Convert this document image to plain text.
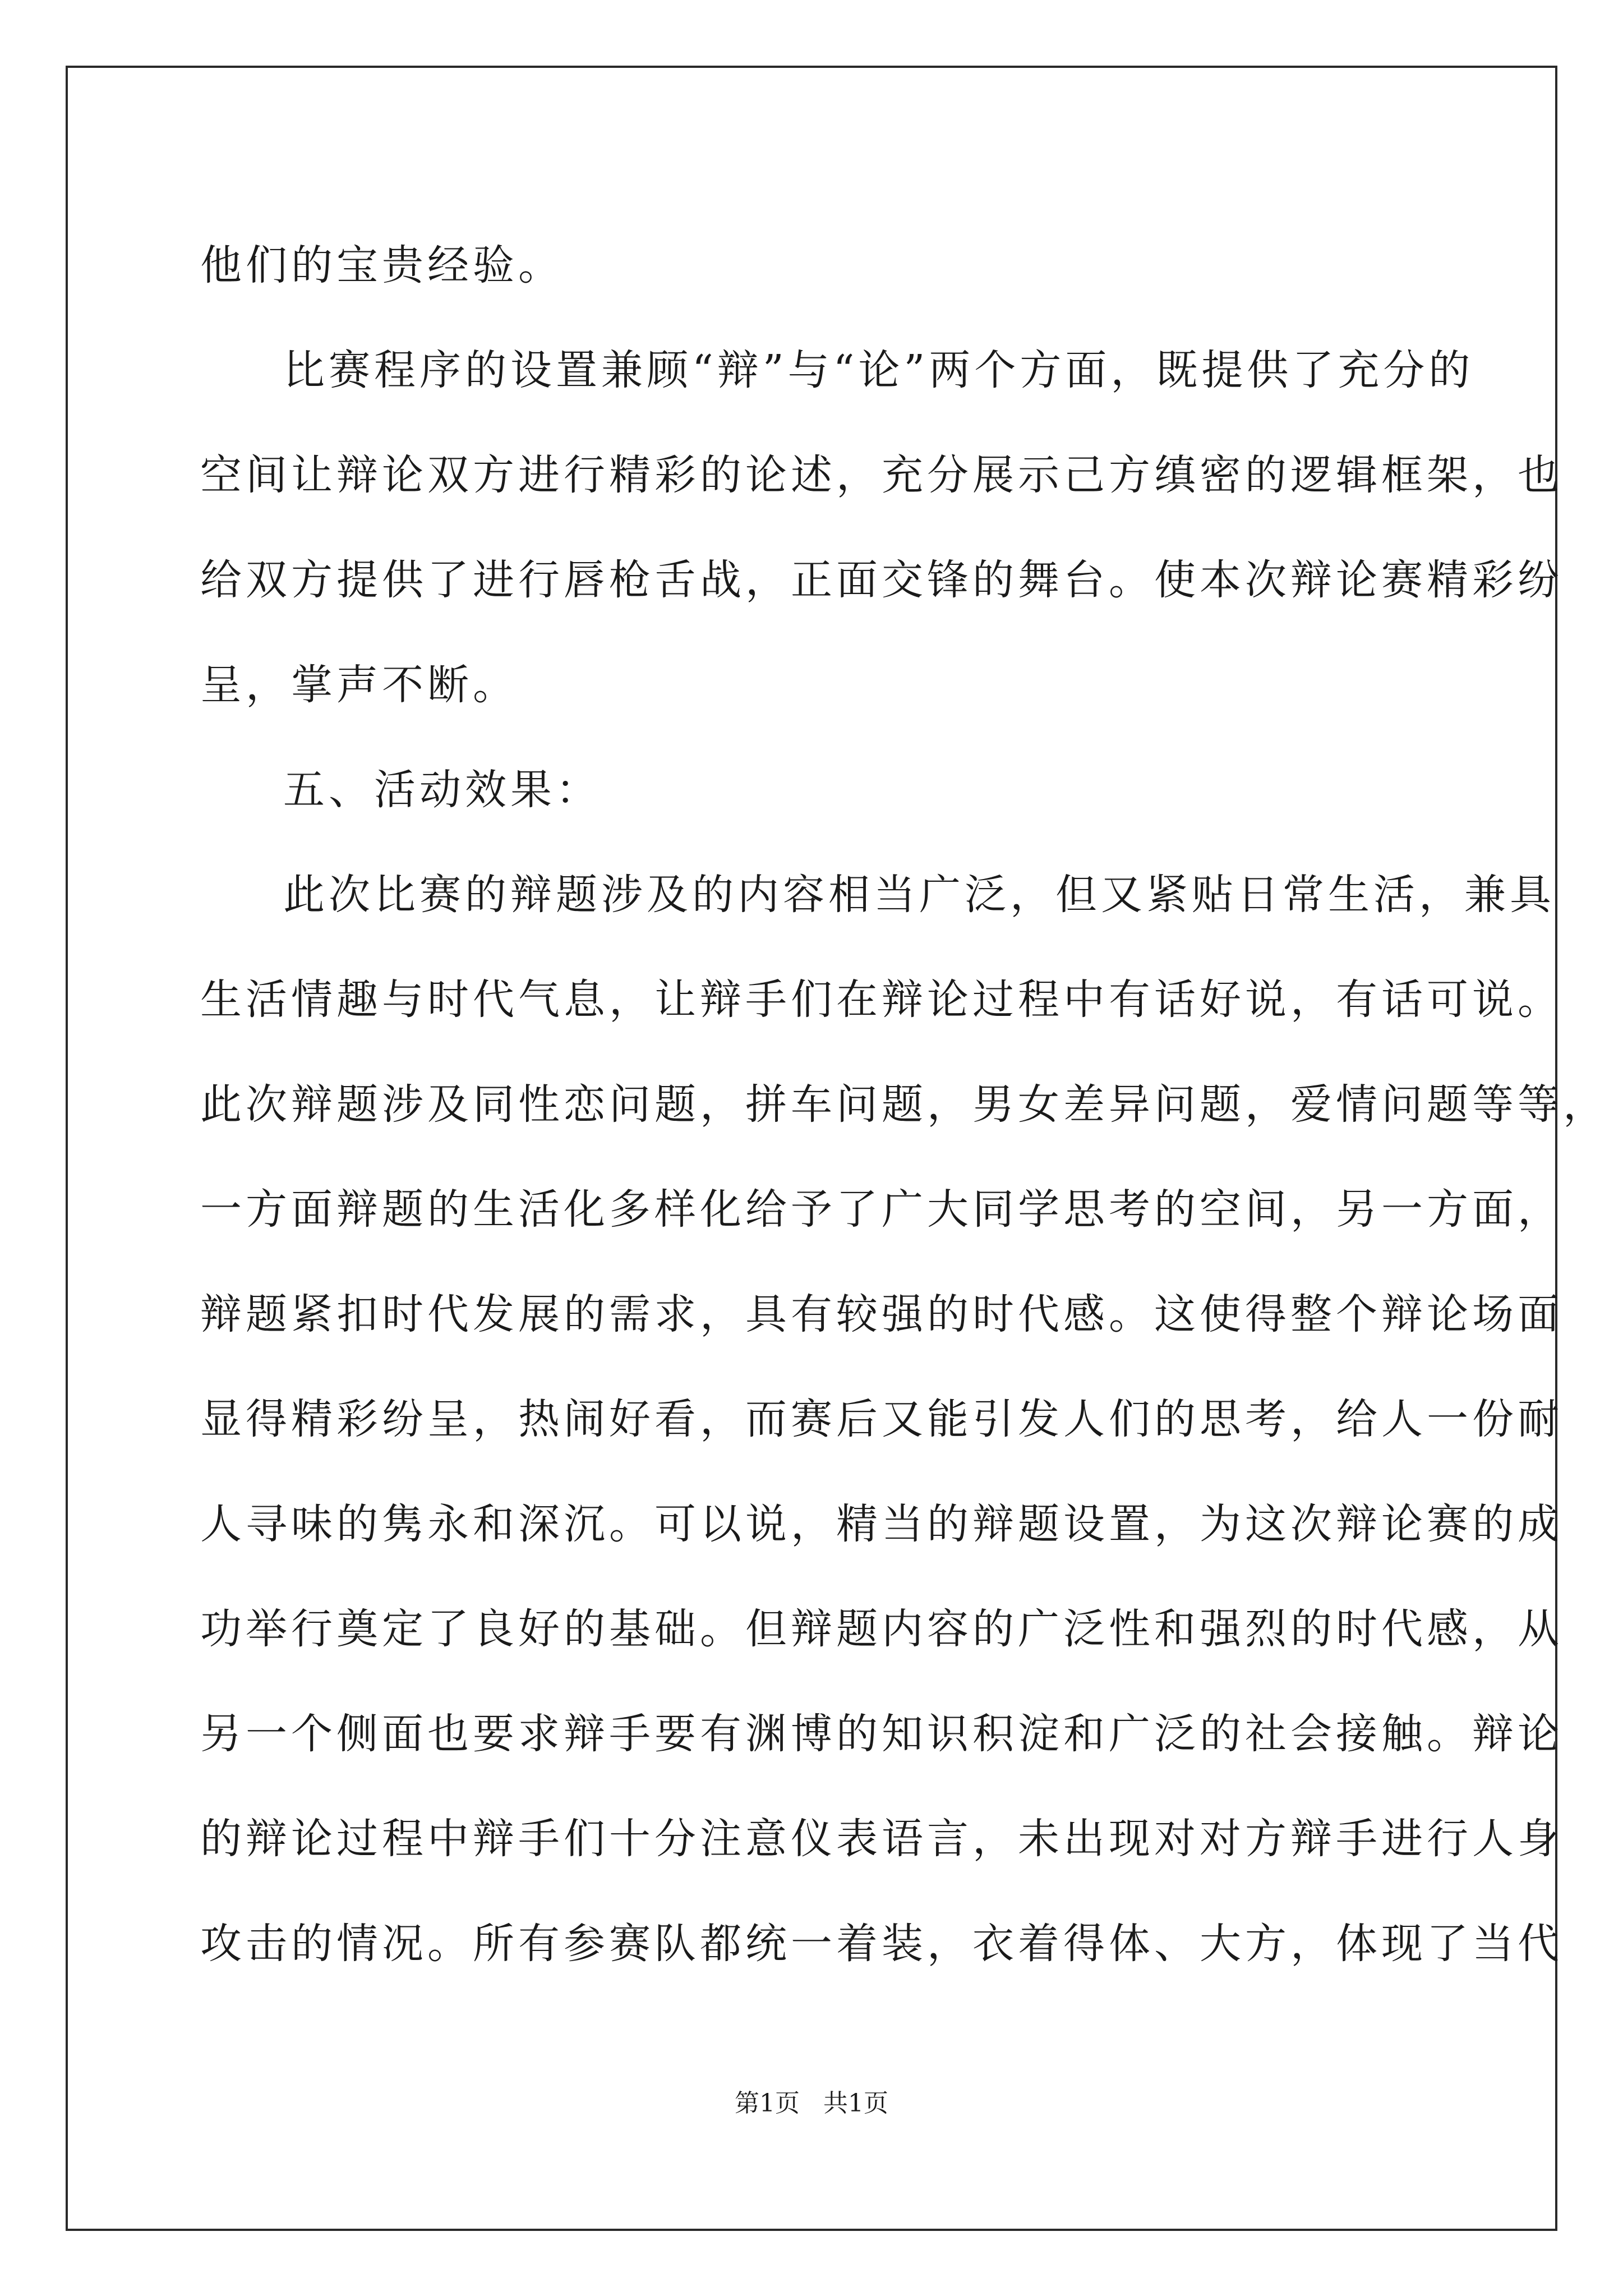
他们的宝贵经验。
比赛程序的设置兼顾“辩”与“论”两个方面，既提供了充分的
空间让辩论双方进行精彩的论述，充分展示己方缜密的逻辑框架，也
给双方提供了进行唇枪舌战，正面交锋的舞台。使本次辩论赛精彩纷
呈，掌声不断。
五、活动效果：
此次比赛的辩题涉及的内容相当广泛，但又紧贴日常生活，兼具
生活情趣与时代气息，让辩手们在辩论过程中有话好说，有话可说。
此次辩题涉及同性恋问题，拼车问题，男女差异问题，爱情问题等等，
一方面辩题的生活化多样化给予了广大同学思考的空间，另一方面，
辩题紧扣时代发展的需求，具有较强的时代感。这使得整个辩论场面
显得精彩纷呈，热闹好看，而赛后又能引发人们的思考，给人一份耐
人寻味的隽永和深沉。可以说，精当的辩题设置，为这次辩论赛的成
功举行奠定了良好的基础。但辩题内容的广泛性和强烈的时代感，从
另一个侧面也要求辩手要有渊博的知识积淀和广泛的社会接触。辩论
的辩论过程中辩手们十分注意仪表语言，未出现对对方辩手进行人身
攻击的情况。所有参赛队都统一着装，衣着得体、大方，体现了当代
第1页 共1页
